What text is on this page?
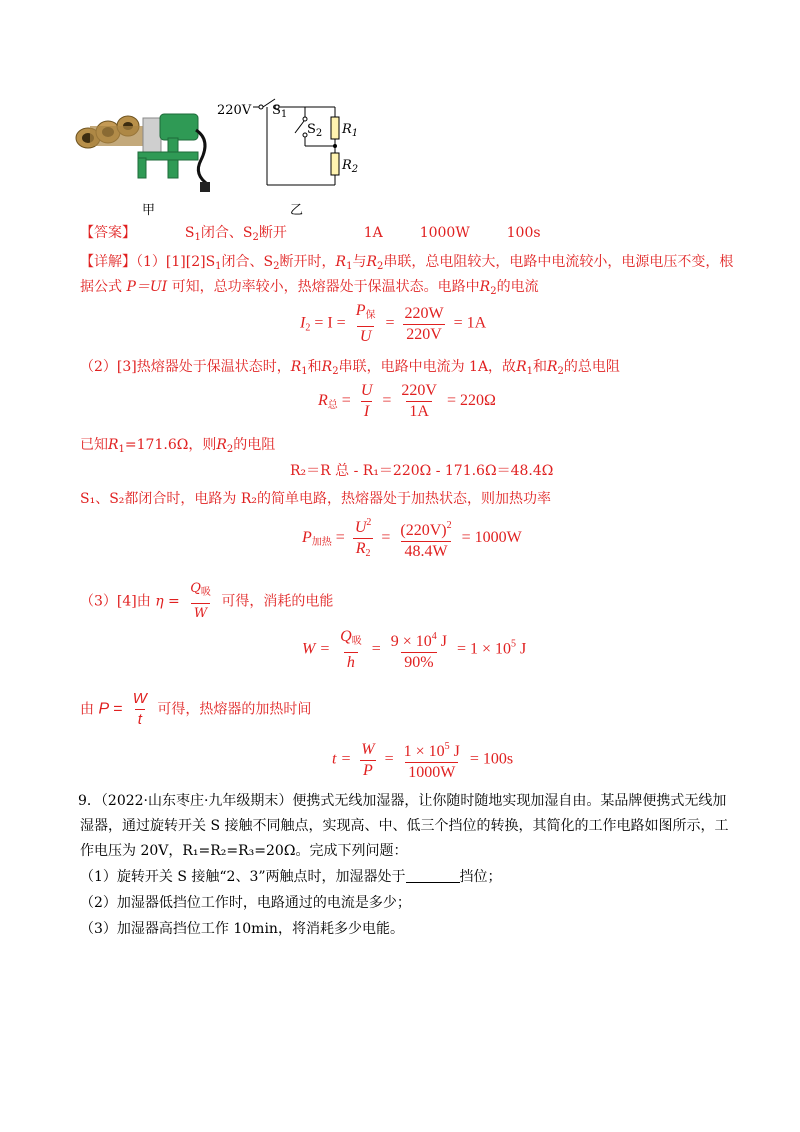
甲
220V $S_1$
$S_2$ $R_1$
$R_2$
乙
【答案】	$S_1$闭合、$S_2$断开	1A	1000W	100s
【详解】$(1)[1][2]S_1$闭合、$S_2$断开时，$R_1$与$R_2$串联，总电阻较大，电路中电流较小，电源电压不变，根
据公式 P＝UI 可知，总功率较小，热熔器处于保温状态。电路中$R_2$的电流
$I_2 = I = \frac{P_保}{U} = \frac{220W}{220V} = 1A$
（2）[3]热熔器处于保温状态时，$R_1$和$R_2$串联，电路中电流为 1A，故$R_1$和$R_2$的总电阻
$R_总 = \frac{U}{I} = \frac{220V}{1A} = 220\Omega$
已知$R_1=171.6\Omega$，则$R_2$的电阻
R₂＝R 总 - R₁＝220Ω - 171.6Ω＝48.4Ω
S₁、S₂都闭合时，电路为 R₂的简单电路，热熔器处于加热状态，则加热功率
$P_{加热} = \frac{U^2}{R_2} = \frac{(220V)^2}{48.4W} = 1000W$
（3）[4]由 $\eta = \frac{Q_吸}{W}$ 可得，消耗的电能
$W = \frac{Q_吸}{h} = \frac{9 \times 10^4 J}{90\%} = 1 \times 10^5$ J
由 $P = \frac{W}{t}$ 可得，热熔器的加热时间
$t = \frac{W}{P} = \frac{1 \times 10^5 J}{1000W} = 100s$
9．（2022·山东枣庄·九年级期末）便携式无线加湿器，让你随时随地实现加湿自由。某品牌便携式无线加
湿器，通过旋转开关 S 接触不同触点，实现高、中、低三个挡位的转换，其简化的工作电路如图所示，工
作电压为 20V，R₁=R₂=R₃=20Ω。完成下列问题：
（1）旋转开关 S 接触“2、3”两触点时，加湿器处于	挡位；
（2）加湿器低挡位工作时，电路通过的电流是多少；
（3）加湿器高挡位工作 10min，将消耗多少电能。
